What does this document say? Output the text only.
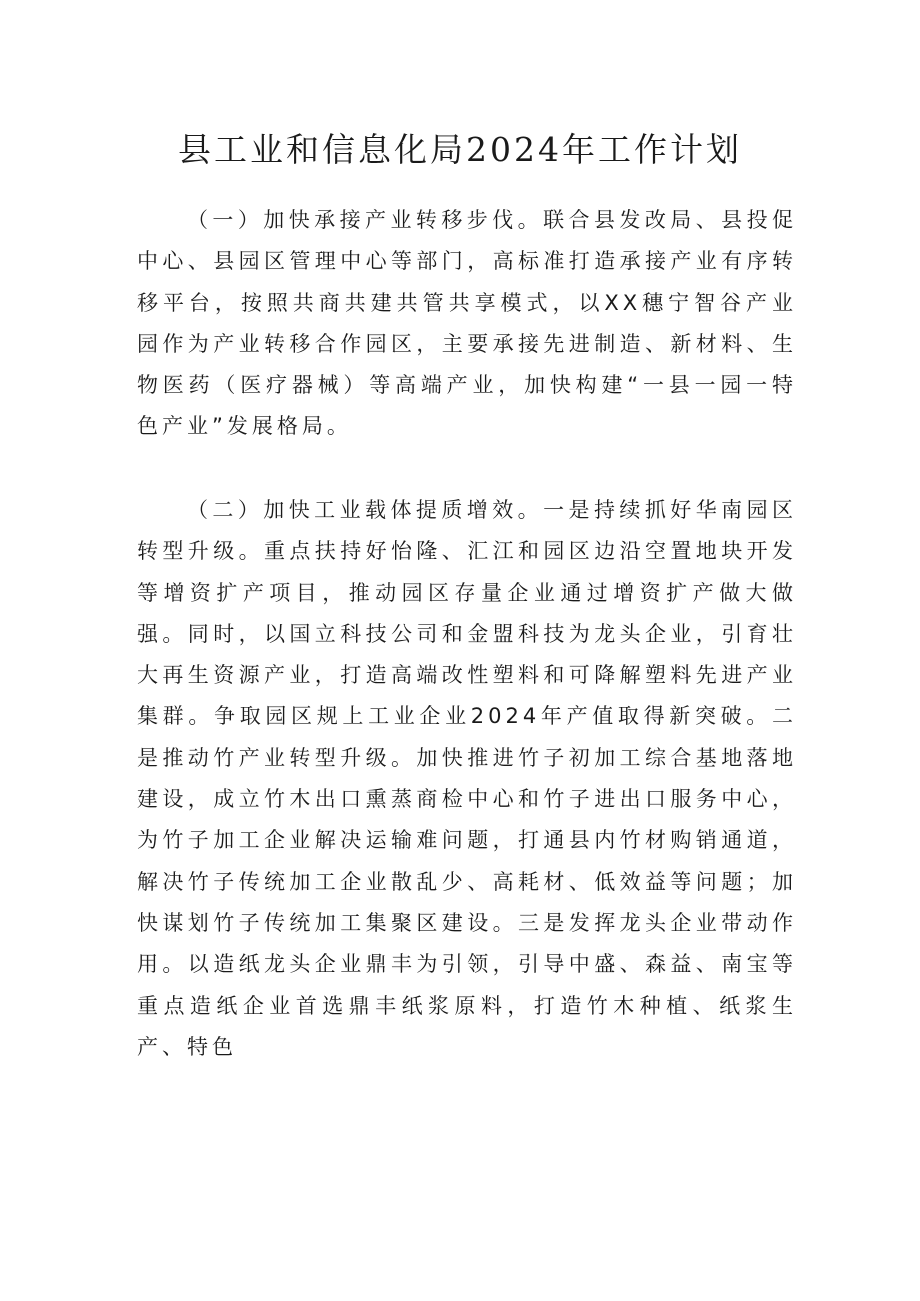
县工业和信息化局2024年工作计划

（一）加快承接产业转移步伐。联合县发改局、县投促中心、县园区管理中心等部门，高标准打造承接产业有序转移平台，按照共商共建共管共享模式，以XX穗宁智谷产业园作为产业转移合作园区，主要承接先进制造、新材料、生物医药（医疗器械）等高端产业，加快构建“一县一园一特色产业”发展格局。

（二）加快工业载体提质增效。一是持续抓好华南园区转型升级。重点扶持好怡隆、汇江和园区边沿空置地块开发等增资扩产项目，推动园区存量企业通过增资扩产做大做强。同时，以国立科技公司和金盟科技为龙头企业，引育壮大再生资源产业，打造高端改性塑料和可降解塑料先进产业集群。争取园区规上工业企业2024年产值取得新突破。二是推动竹产业转型升级。加快推进竹子初加工综合基地落地建设，成立竹木出口熏蒸商检中心和竹子进出口服务中心，为竹子加工企业解决运输难问题，打通县内竹材购销通道，解决竹子传统加工企业散乱少、高耗材、低效益等问题；加快谋划竹子传统加工集聚区建设。三是发挥龙头企业带动作用。以造纸龙头企业鼎丰为引领，引导中盛、森益、南宝等重点造纸企业首选鼎丰纸浆原料，打造竹木种植、纸浆生产、特色
